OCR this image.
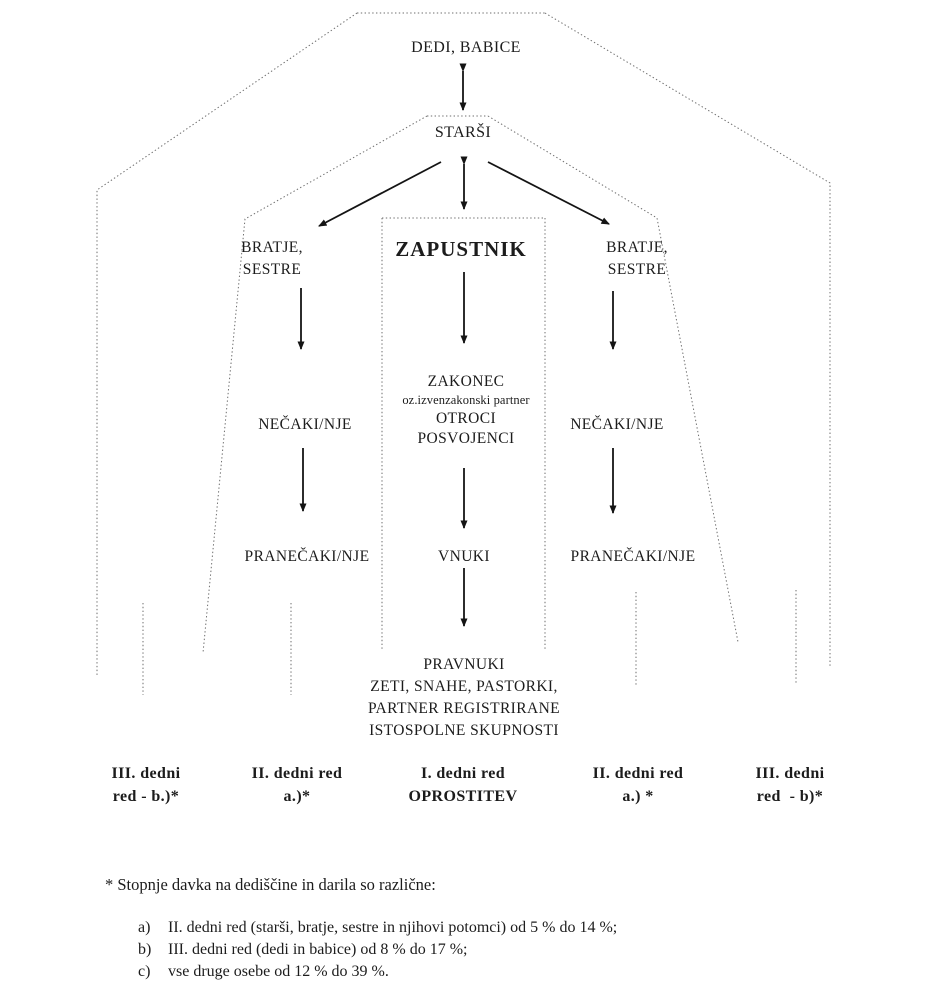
DEDI, BABICE
STARŠI
BRATJE,
SESTRE
ZAPUSTNIK	BRATJE,
SESTRE
ZAKONEC
oz.izvenzakonski partner
OTROCI
POSVOJENCI
NEČAKI/NJE	NEČAKI/NJE
PRANEČAKI/NJE	VNUKI	PRANEČAKI/NJE
PRAVNUKI
ZETI, SNAHE, PASTORKI,
PARTNER REGISTRIRANE
ISTOSPOLNE SKUPNOSTI
III. dedni
red - b.)*
II. dedni red
a.)*
I. dedni red
OPROSTITEV
II. dedni red
a.) *
III. dedni
red  - b)*
* Stopnje davka na dediščine in darila so različne:
a)	II. dedni red (starši, bratje, sestre in njihovi potomci) od 5 % do 14 %;
b)	III. dedni red (dedi in babice) od 8 % do 17 %;
c)	vse druge osebe od 12 % do 39 %.
